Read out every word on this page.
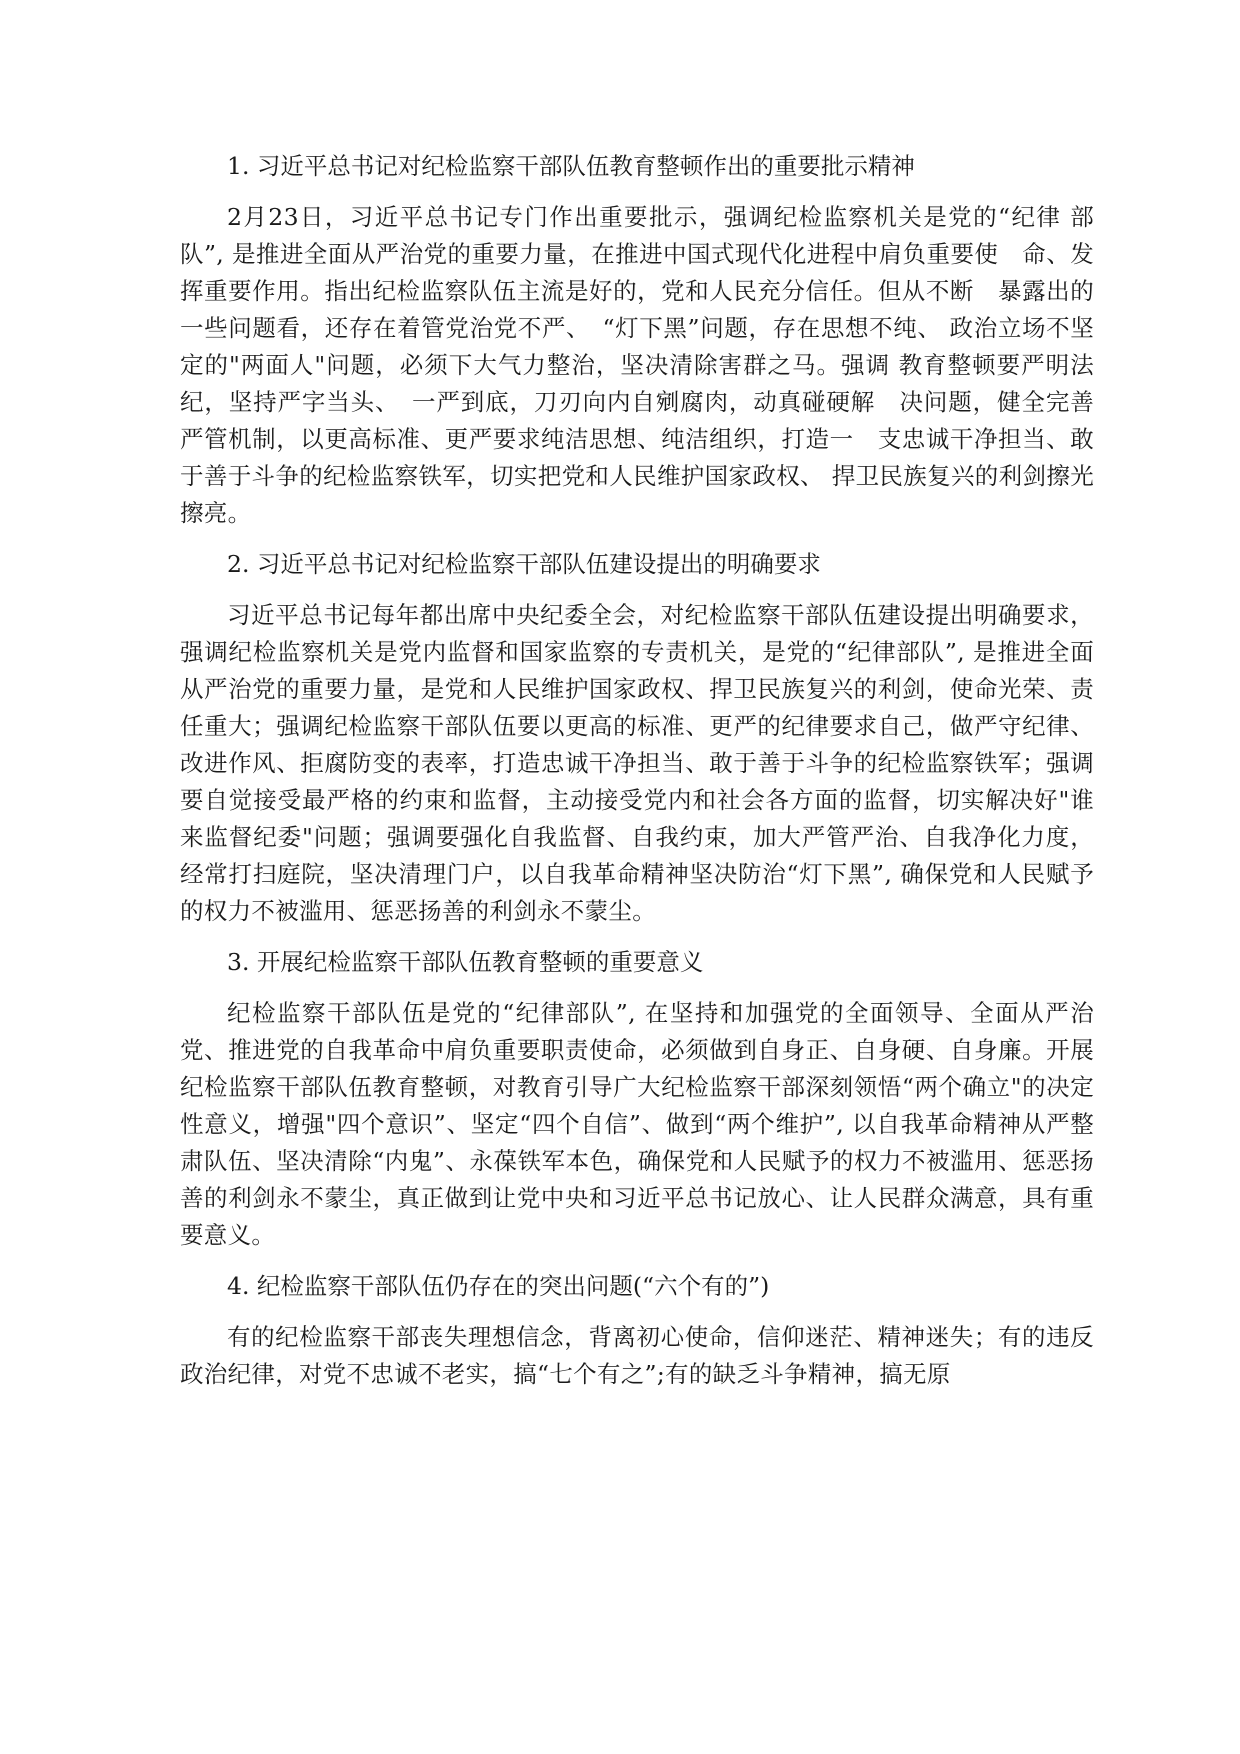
1. 习近平总书记对纪检监察干部队伍教育整顿作出的重要批示精神

2月23日，习近平总书记专门作出重要批示，强调纪检监察机关是党的“纪律 部队”, 是推进全面从严治党的重要力量，在推进中国式现代化进程中肩负重要使　命、发挥重要作用。指出纪检监察队伍主流是好的，党和人民充分信任。但从不断　暴露出的一些问题看，还存在着管党治党不严、　“灯下黑”问题，存在思想不纯、 政治立场不坚定的"两面人"问题，必须下大气力整治，坚决清除害群之马。强调 教育整顿要严明法纪，坚持严字当头、　一严到底，刀刃向内自剜腐肉，动真碰硬解　决问题，健全完善严管机制，以更高标准、更严要求纯洁思想、纯洁组织，打造一　支忠诚干净担当、敢于善于斗争的纪检监察铁军，切实把党和人民维护国家政权、 捍卫民族复兴的利剑擦光擦亮。

2. 习近平总书记对纪检监察干部队伍建设提出的明确要求

习近平总书记每年都出席中央纪委全会，对纪检监察干部队伍建设提出明确要求，强调纪检监察机关是党内监督和国家监察的专责机关，是党的“纪律部队”, 是推进全面从严治党的重要力量，是党和人民维护国家政权、捍卫民族复兴的利剑，使命光荣、责任重大；强调纪检监察干部队伍要以更高的标准、更严的纪律要求自己，做严守纪律、改进作风、拒腐防变的表率，打造忠诚干净担当、敢于善于斗争的纪检监察铁军；强调要自觉接受最严格的约束和监督，主动接受党内和社会各方面的监督，切实解决好"谁来监督纪委"问题；强调要强化自我监督、自我约束，加大严管严治、自我净化力度，经常打扫庭院，坚决清理门户，以自我革命精神坚决防治“灯下黑”, 确保党和人民赋予的权力不被滥用、惩恶扬善的利剑永不蒙尘。

3. 开展纪检监察干部队伍教育整顿的重要意义

纪检监察干部队伍是党的“纪律部队”, 在坚持和加强党的全面领导、全面从严治党、推进党的自我革命中肩负重要职责使命，必须做到自身正、自身硬、自身廉。开展纪检监察干部队伍教育整顿，对教育引导广大纪检监察干部深刻领悟“两个确立"的决定性意义，增强"四个意识”、坚定“四个自信”、做到“两个维护”, 以自我革命精神从严整肃队伍、坚决清除“内鬼”、永葆铁军本色，确保党和人民赋予的权力不被滥用、惩恶扬善的利剑永不蒙尘，真正做到让党中央和习近平总书记放心、让人民群众满意，具有重要意义。

4. 纪检监察干部队伍仍存在的突出问题(“六个有的”)

有的纪检监察干部丧失理想信念，背离初心使命，信仰迷茫、精神迷失；有的违反政治纪律，对党不忠诚不老实，搞“七个有之”;有的缺乏斗争精神，搞无原
